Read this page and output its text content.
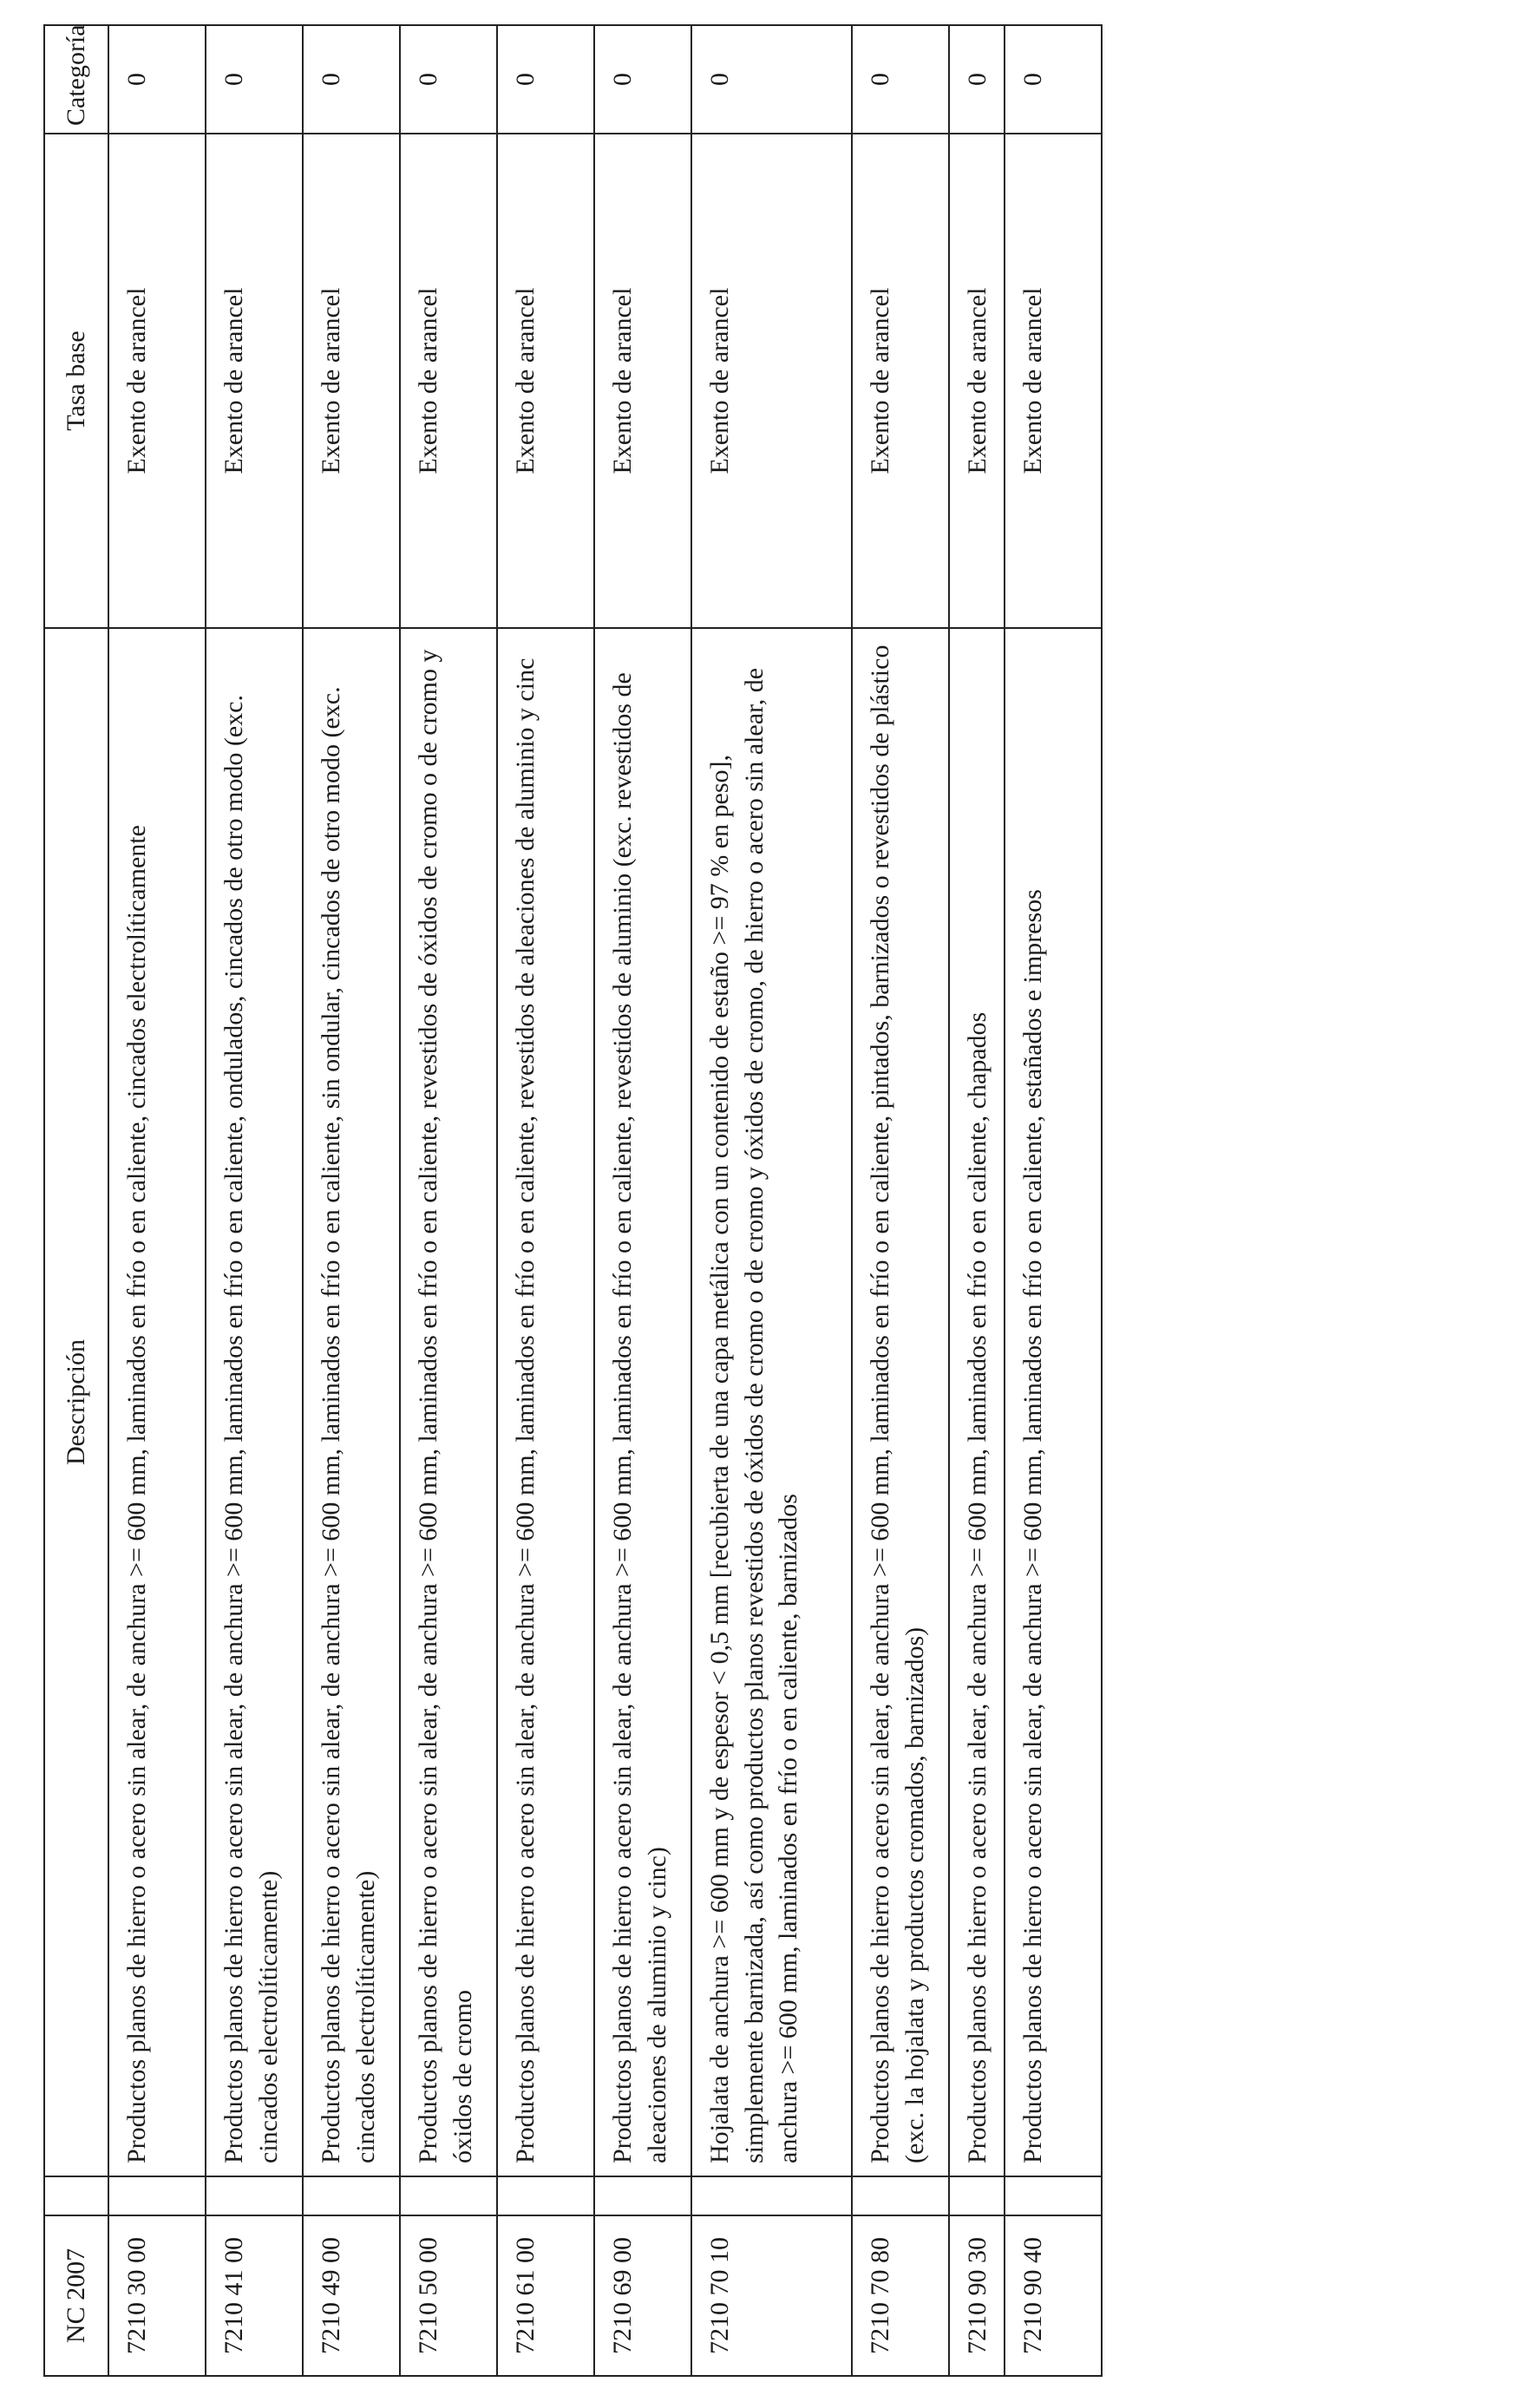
NC 2007		Descripción	Tasa base	Categoría
7210 30 00		Productos planos de hierro o acero sin alear, de anchura >= 600 mm, laminados en frío o en caliente, cincados electrolíticamente	Exento de arancel	0
7210 41 00		Productos planos de hierro o acero sin alear, de anchura >= 600 mm, laminados en frío o en caliente, ondulados, cincados de otro modo (exc. cincados electrolíticamente)	Exento de arancel	0
7210 49 00		Productos planos de hierro o acero sin alear, de anchura >= 600 mm, laminados en frío o en caliente, sin ondular, cincados de otro modo (exc. cincados electrolíticamente)	Exento de arancel	0
7210 50 00		Productos planos de hierro o acero sin alear, de anchura >= 600 mm, laminados en frío o en caliente, revestidos de óxidos de cromo o de cromo y óxidos de cromo	Exento de arancel	0
7210 61 00		Productos planos de hierro o acero sin alear, de anchura >= 600 mm, laminados en frío o en caliente, revestidos de aleaciones de aluminio y cinc	Exento de arancel	0
7210 69 00		Productos planos de hierro o acero sin alear, de anchura >= 600 mm, laminados en frío o en caliente, revestidos de aluminio (exc. revestidos de aleaciones de aluminio y cinc)	Exento de arancel	0
7210 70 10		Hojalata de anchura >= 600 mm y de espesor < 0,5 mm [recubierta de una capa metálica con un contenido de estaño >= 97 % en peso], simplemente barnizada, así como productos planos revestidos de óxidos de cromo o de cromo y óxidos de cromo, de hierro o acero sin alear, de anchura >= 600 mm, laminados en frío o en caliente, barnizados	Exento de arancel	0
7210 70 80		Productos planos de hierro o acero sin alear, de anchura >= 600 mm, laminados en frío o en caliente, pintados, barnizados o revestidos de plástico (exc. la hojalata y productos cromados, barnizados)	Exento de arancel	0
7210 90 30		Productos planos de hierro o acero sin alear, de anchura >= 600 mm, laminados en frío o en caliente, chapados	Exento de arancel	0
7210 90 40		Productos planos de hierro o acero sin alear, de anchura >= 600 mm, laminados en frío o en caliente, estañados e impresos	Exento de arancel	0
